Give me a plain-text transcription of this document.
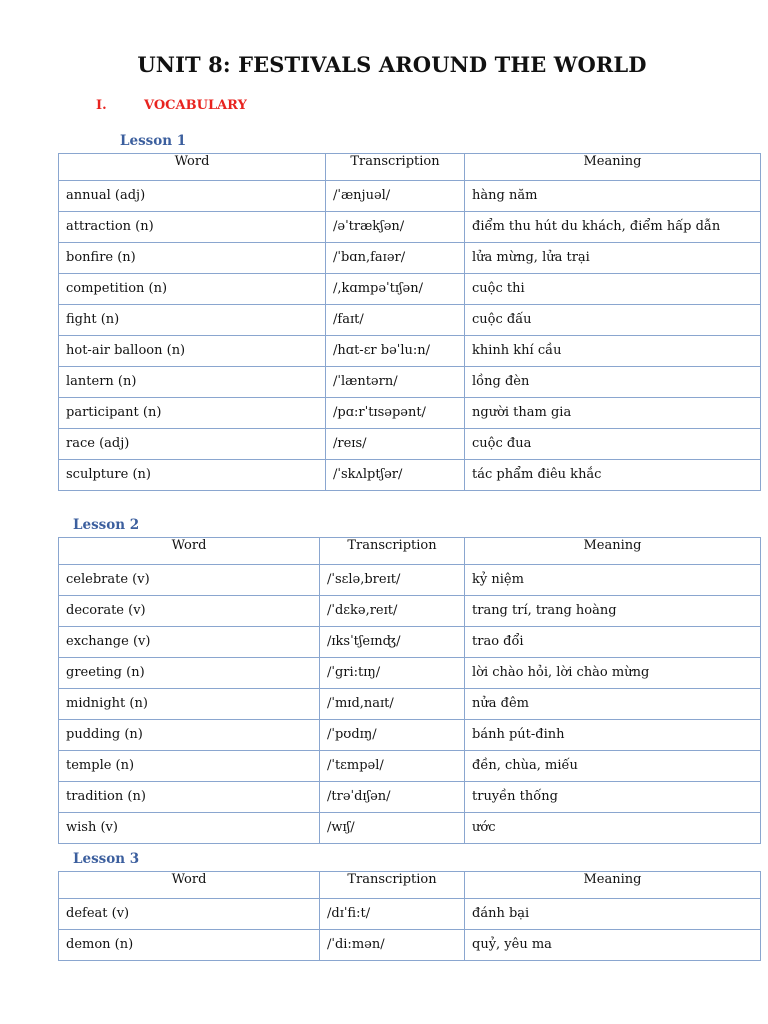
UNIT 8: FESTIVALS AROUND THE WORLD
I.	VOCABULARY
Lesson 1
Word	Transcription	Meaning
annual (adj)	/ˈænjuəl/	hàng năm
attraction (n)	/əˈtrækʃən/	điểm thu hút du khách, điểm hấp dẫn
bonfire (n)	/ˈbɑn,faɪər/	lửa mừng, lửa trại
competition (n)	/,kɑmpəˈtɪʃən/	cuộc thi
fight (n)	/faɪt/	cuộc đấu
hot-air balloon (n)	/hɑt-ɛr bəˈlu:n/	khinh khí cầu
lantern (n)	/ˈlæntərn/	lồng đèn
participant (n)	/pɑ:rˈtɪsəpənt/	người tham gia
race (adj)	/reɪs/	cuộc đua
sculpture (n)	/ˈskʌlptʃər/	tác phẩm điêu khắc
Lesson 2
Word	Transcription	Meaning
celebrate (v)	/ˈsɛlə,breɪt/	kỷ niệm
decorate (v)	/ˈdɛkə,reɪt/	trang trí, trang hoàng
exchange (v)	/ɪksˈtʃeɪnʤ/	trao đổi
greeting (n)	/ˈgri:tɪŋ/	lời chào hỏi, lời chào mừng
midnight (n)	/ˈmɪd,naɪt/	nửa đêm
pudding (n)	/ˈpʊdɪŋ/	bánh pút-đinh
temple (n)	/ˈtɛmpəl/	đền, chùa, miếu
tradition (n)	/trəˈdɪʃən/	truyền thống
wish (v)	/wɪʃ/	ước
Lesson 3
Word	Transcription	Meaning
defeat (v)	/dɪˈfi:t/	đánh bại
demon (n)	/ˈdi:mən/	quỷ, yêu ma
